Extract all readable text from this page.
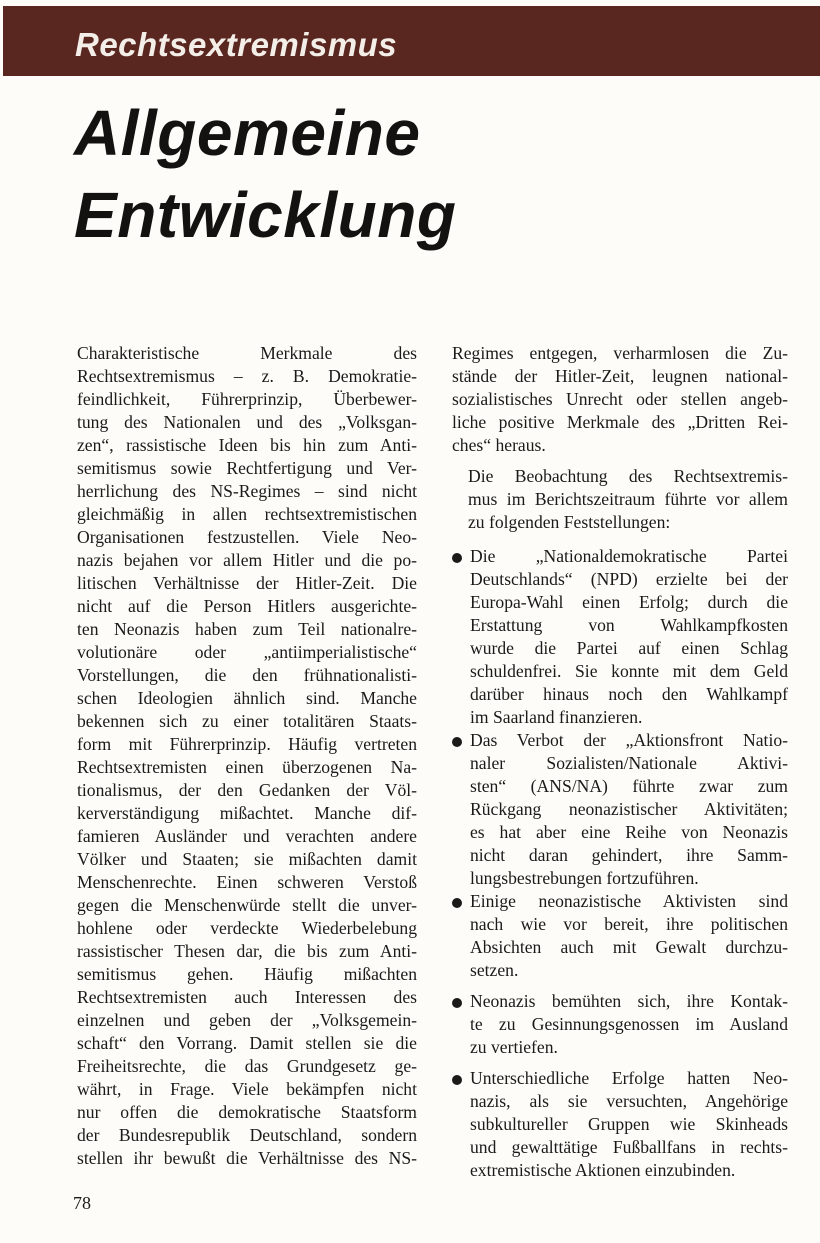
Rechtsextremismus
Allgemeine
Entwicklung
Charakteristische Merkmale des
Rechtsextremismus – z. B. Demokratie-
feindlichkeit, Führerprinzip, Überbewer-
tung des Nationalen und des „Volksgan-
zen“, rassistische Ideen bis hin zum Anti-
semitismus sowie Rechtfertigung und Ver-
herrlichung des NS-Regimes – sind nicht
gleichmäßig in allen rechtsextremistischen
Organisationen festzustellen. Viele Neo-
nazis bejahen vor allem Hitler und die po-
litischen Verhältnisse der Hitler-Zeit. Die
nicht auf die Person Hitlers ausgerichte-
ten Neonazis haben zum Teil nationalre-
volutionäre oder „antiimperialistische“
Vorstellungen, die den frühnationalisti-
schen Ideologien ähnlich sind. Manche
bekennen sich zu einer totalitären Staats-
form mit Führerprinzip. Häufig vertreten
Rechtsextremisten einen überzogenen Na-
tionalismus, der den Gedanken der Völ-
kerverständigung mißachtet. Manche dif-
famieren Ausländer und verachten andere
Völker und Staaten; sie mißachten damit
Menschenrechte. Einen schweren Verstoß
gegen die Menschenwürde stellt die unver-
hohlene oder verdeckte Wiederbelebung
rassistischer Thesen dar, die bis zum Anti-
semitismus gehen. Häufig mißachten
Rechtsextremisten auch Interessen des
einzelnen und geben der „Volksgemein-
schaft“ den Vorrang. Damit stellen sie die
Freiheitsrechte, die das Grundgesetz ge-
währt, in Frage. Viele bekämpfen nicht
nur offen die demokratische Staatsform
der Bundesrepublik Deutschland, sondern
stellen ihr bewußt die Verhältnisse des NS-
Regimes entgegen, verharmlosen die Zu-
stände der Hitler-Zeit, leugnen national-
sozialistisches Unrecht oder stellen angeb-
liche positive Merkmale des „Dritten Rei-
ches“ heraus.
Die Beobachtung des Rechtsextremis-
mus im Berichtszeitraum führte vor allem
zu folgenden Feststellungen:
Die „Nationaldemokratische Partei
Deutschlands“ (NPD) erzielte bei der
Europa-Wahl einen Erfolg; durch die
Erstattung von Wahlkampfkosten
wurde die Partei auf einen Schlag
schuldenfrei. Sie konnte mit dem Geld
darüber hinaus noch den Wahlkampf
im Saarland finanzieren.
Das Verbot der „Aktionsfront Natio-
naler Sozialisten/Nationale Aktivi-
sten“ (ANS/NA) führte zwar zum
Rückgang neonazistischer Aktivitäten;
es hat aber eine Reihe von Neonazis
nicht daran gehindert, ihre Samm-
lungsbestrebungen fortzuführen.
Einige neonazistische Aktivisten sind
nach wie vor bereit, ihre politischen
Absichten auch mit Gewalt durchzu-
setzen.
Neonazis bemühten sich, ihre Kontak-
te zu Gesinnungsgenossen im Ausland
zu vertiefen.
Unterschiedliche Erfolge hatten Neo-
nazis, als sie versuchten, Angehörige
subkultureller Gruppen wie Skinheads
und gewalttätige Fußballfans in rechts-
extremistische Aktionen einzubinden.
78
